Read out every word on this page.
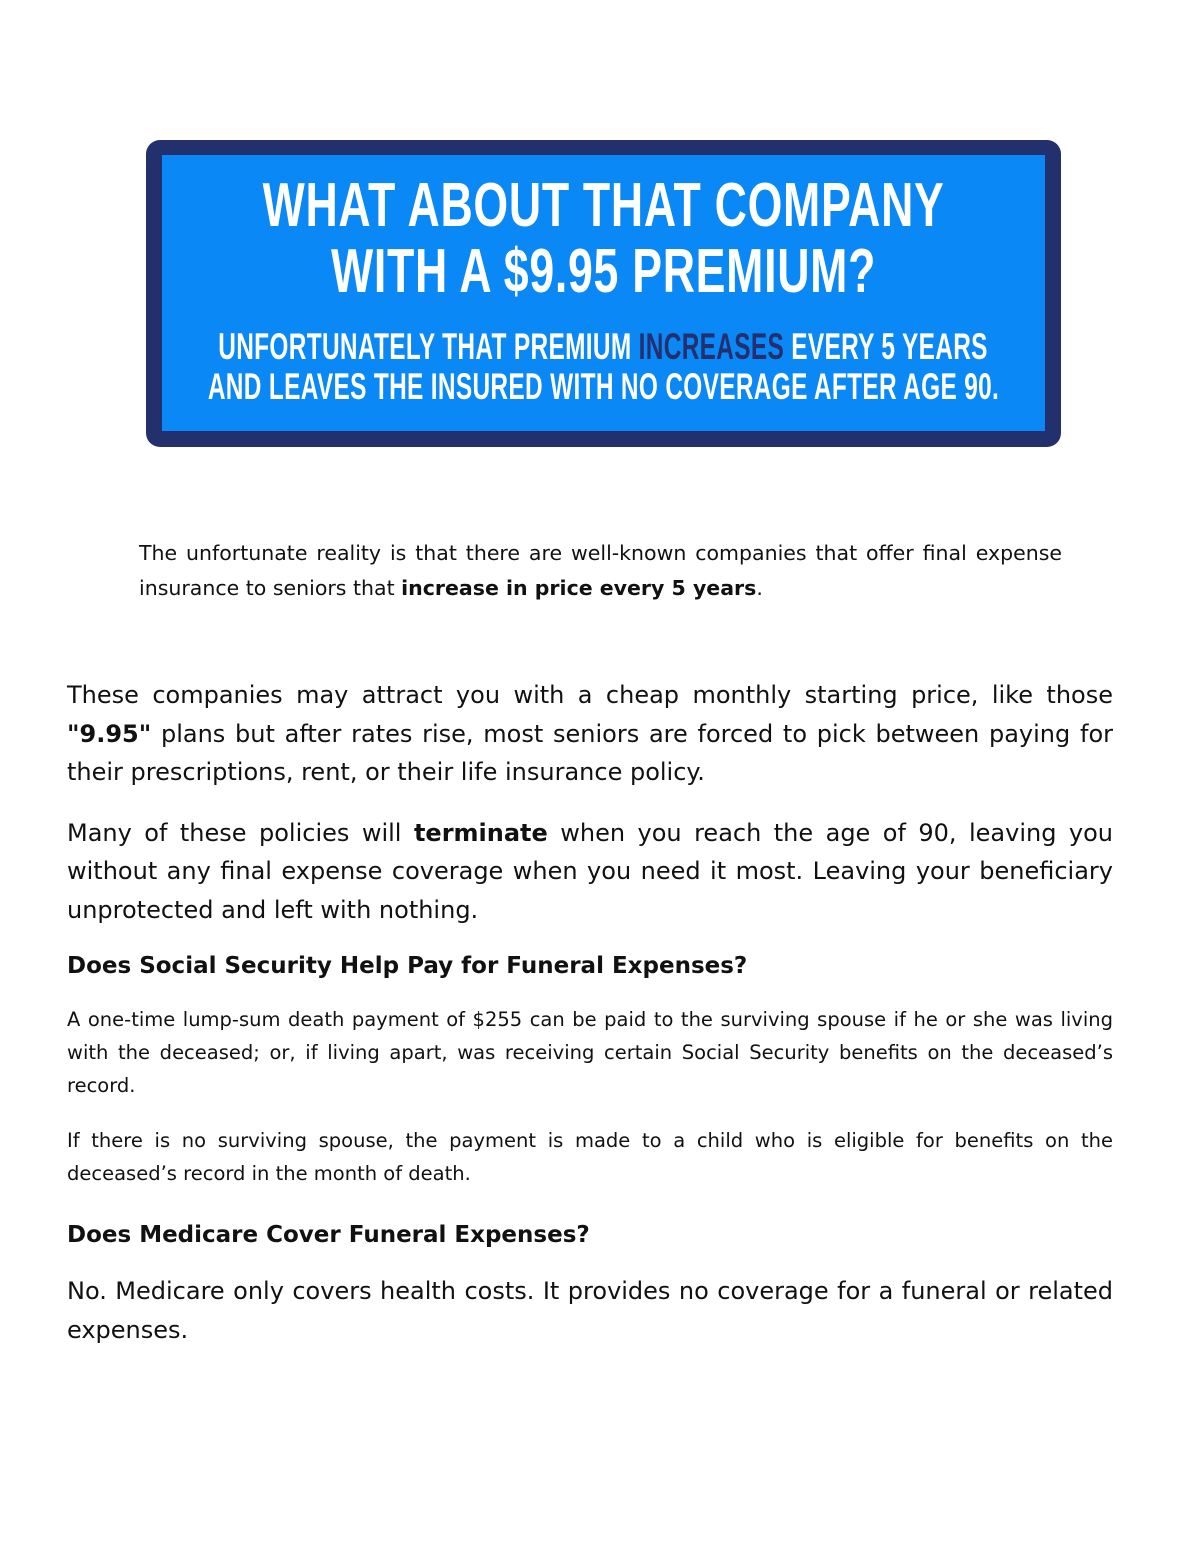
WHAT ABOUT THAT COMPANY
WITH A $9.95 PREMIUM?
UNFORTUNATELY THAT PREMIUM INCREASES EVERY 5 YEARS
AND LEAVES THE INSURED WITH NO COVERAGE AFTER AGE 90.

The unfortunate reality is that there are well-known companies that offer final expense insurance to seniors that increase in price every 5 years.

These companies may attract you with a cheap monthly starting price, like those "9.95" plans but after rates rise, most seniors are forced to pick between paying for their prescriptions, rent, or their life insurance policy.

Many of these policies will terminate when you reach the age of 90, leaving you without any final expense coverage when you need it most. Leaving your beneficiary unprotected and left with nothing.

Does Social Security Help Pay for Funeral Expenses?

A one-time lump-sum death payment of $255 can be paid to the surviving spouse if he or she was living with the deceased; or, if living apart, was receiving certain Social Security benefits on the deceased’s record.

If there is no surviving spouse, the payment is made to a child who is eligible for benefits on the deceased’s record in the month of death.

Does Medicare Cover Funeral Expenses?

No. Medicare only covers health costs. It provides no coverage for a funeral or related expenses.
